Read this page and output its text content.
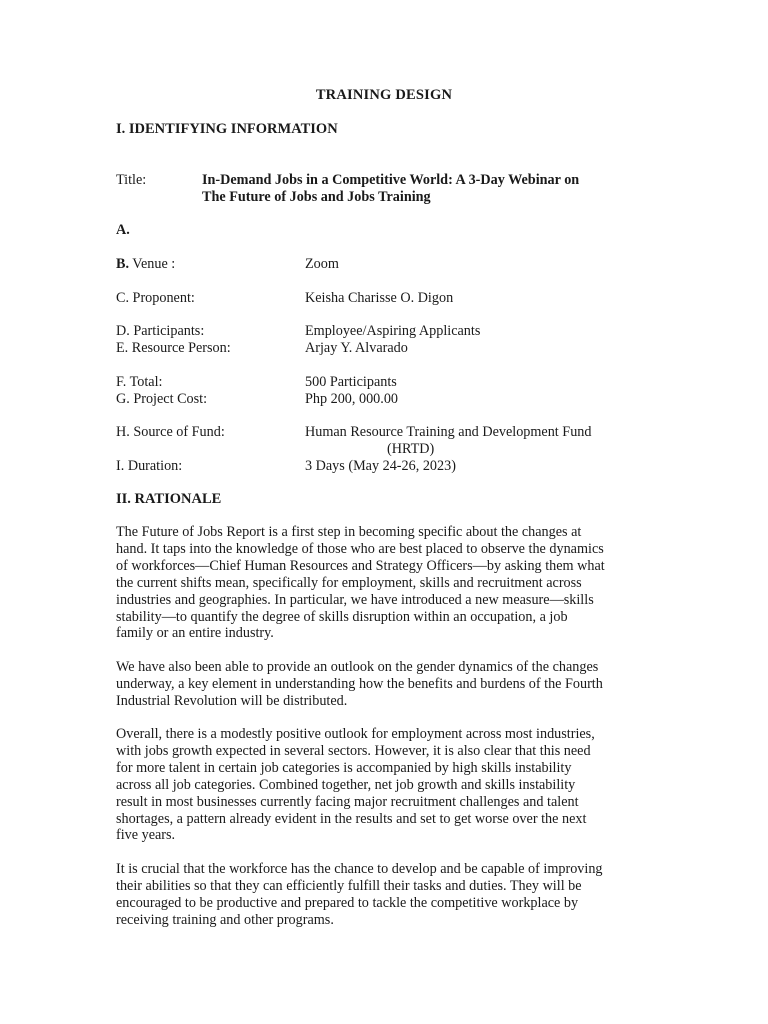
TRAINING DESIGN
I. IDENTIFYING INFORMATION
Title:	In-Demand Jobs in a Competitive World: A 3-Day Webinar on
The Future of Jobs and Jobs Training
A.
B. Venue :	Zoom
C. Proponent:	Keisha Charisse O. Digon
D. Participants:	Employee/Aspiring Applicants
E. Resource Person:	Arjay Y. Alvarado
F. Total:	500 Participants
G. Project Cost:	Php 200, 000.00
H. Source of Fund:	Human Resource Training and Development Fund
(HRTD)
I. Duration:	3 Days (May 24-26, 2023)
II. RATIONALE
The Future of Jobs Report is a first step in becoming specific about the changes at
hand. It taps into the knowledge of those who are best placed to observe the dynamics
of workforces—Chief Human Resources and Strategy Officers—by asking them what
the current shifts mean, specifically for employment, skills and recruitment across
industries and geographies. In particular, we have introduced a new measure—skills
stability—to quantify the degree of skills disruption within an occupation, a job
family or an entire industry.
We have also been able to provide an outlook on the gender dynamics of the changes
underway, a key element in understanding how the benefits and burdens of the Fourth
Industrial Revolution will be distributed.
Overall, there is a modestly positive outlook for employment across most industries,
with jobs growth expected in several sectors. However, it is also clear that this need
for more talent in certain job categories is accompanied by high skills instability
across all job categories. Combined together, net job growth and skills instability
result in most businesses currently facing major recruitment challenges and talent
shortages, a pattern already evident in the results and set to get worse over the next
five years.
It is crucial that the workforce has the chance to develop and be capable of improving
their abilities so that they can efficiently fulfill their tasks and duties. They will be
encouraged to be productive and prepared to tackle the competitive workplace by
receiving training and other programs.
